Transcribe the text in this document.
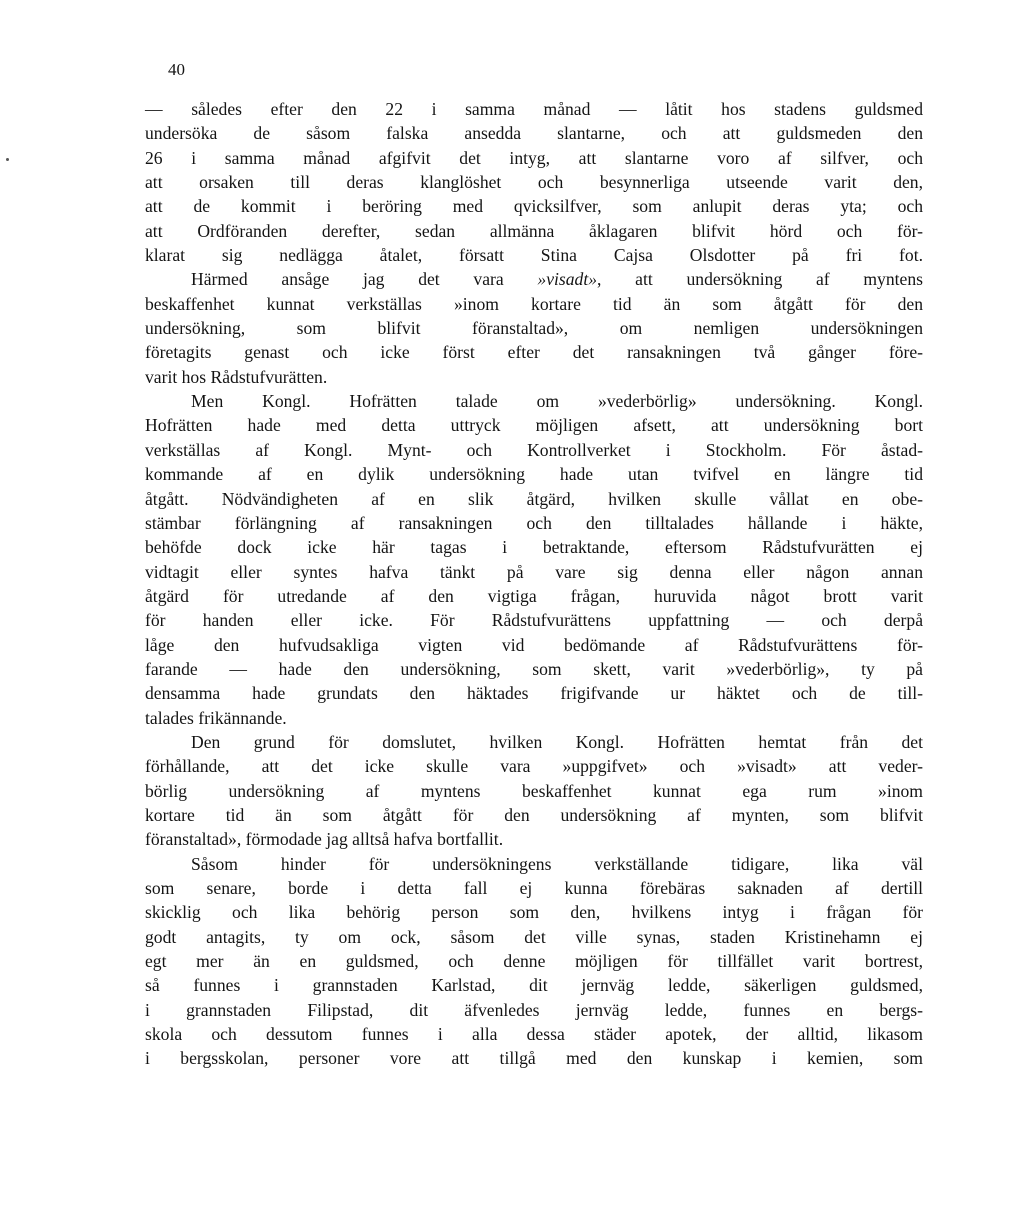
40
— således efter den 22 i samma månad — låtit hos stadens guldsmed
undersöka de såsom falska ansedda slantarne, och att guldsmeden den
26 i samma månad afgifvit det intyg, att slantarne voro af silfver, och
att orsaken till deras klanglöshet och besynnerliga utseende varit den,
att de kommit i beröring med qvicksilfver, som anlupit deras yta; och
att Ordföranden derefter, sedan allmänna åklagaren blifvit hörd och för-
klarat sig nedlägga åtalet, försatt Stina Cajsa Olsdotter på fri fot.
Härmed ansåge jag det vara »visadt», att undersökning af myntens
beskaffenhet kunnat verkställas »inom kortare tid än som åtgått för den
undersökning, som blifvit föranstaltad», om nemligen undersökningen
företagits genast och icke först efter det ransakningen två gånger före-
varit hos Rådstufvurätten.
Men Kongl. Hofrätten talade om »vederbörlig» undersökning. Kongl.
Hofrätten hade med detta uttryck möjligen afsett, att undersökning bort
verkställas af Kongl. Mynt- och Kontrollverket i Stockholm. För åstad-
kommande af en dylik undersökning hade utan tvifvel en längre tid
åtgått. Nödvändigheten af en slik åtgärd, hvilken skulle vållat en obe-
stämbar förlängning af ransakningen och den tilltalades hållande i häkte,
behöfde dock icke här tagas i betraktande, eftersom Rådstufvurätten ej
vidtagit eller syntes hafva tänkt på vare sig denna eller någon annan
åtgärd för utredande af den vigtiga frågan, huruvida något brott varit
för handen eller icke. För Rådstufvurättens uppfattning — och derpå
låge den hufvudsakliga vigten vid bedömande af Rådstufvurättens för-
farande — hade den undersökning, som skett, varit »vederbörlig», ty på
densamma hade grundats den häktades frigifvande ur häktet och de till-
talades frikännande.
Den grund för domslutet, hvilken Kongl. Hofrätten hemtat från det
förhållande, att det icke skulle vara »uppgifvet» och »visadt» att veder-
börlig undersökning af myntens beskaffenhet kunnat ega rum »inom
kortare tid än som åtgått för den undersökning af mynten, som blifvit
föranstaltad», förmodade jag alltså hafva bortfallit.
Såsom hinder för undersökningens verkställande tidigare, lika väl
som senare, borde i detta fall ej kunna förebäras saknaden af dertill
skicklig och lika behörig person som den, hvilkens intyg i frågan för
godt antagits, ty om ock, såsom det ville synas, staden Kristinehamn ej
egt mer än en guldsmed, och denne möjligen för tillfället varit bortrest,
så funnes i grannstaden Karlstad, dit jernväg ledde, säkerligen guldsmed,
i grannstaden Filipstad, dit äfvenledes jernväg ledde, funnes en bergs-
skola och dessutom funnes i alla dessa städer apotek, der alltid, likasom
i bergsskolan, personer vore att tillgå med den kunskap i kemien, som
